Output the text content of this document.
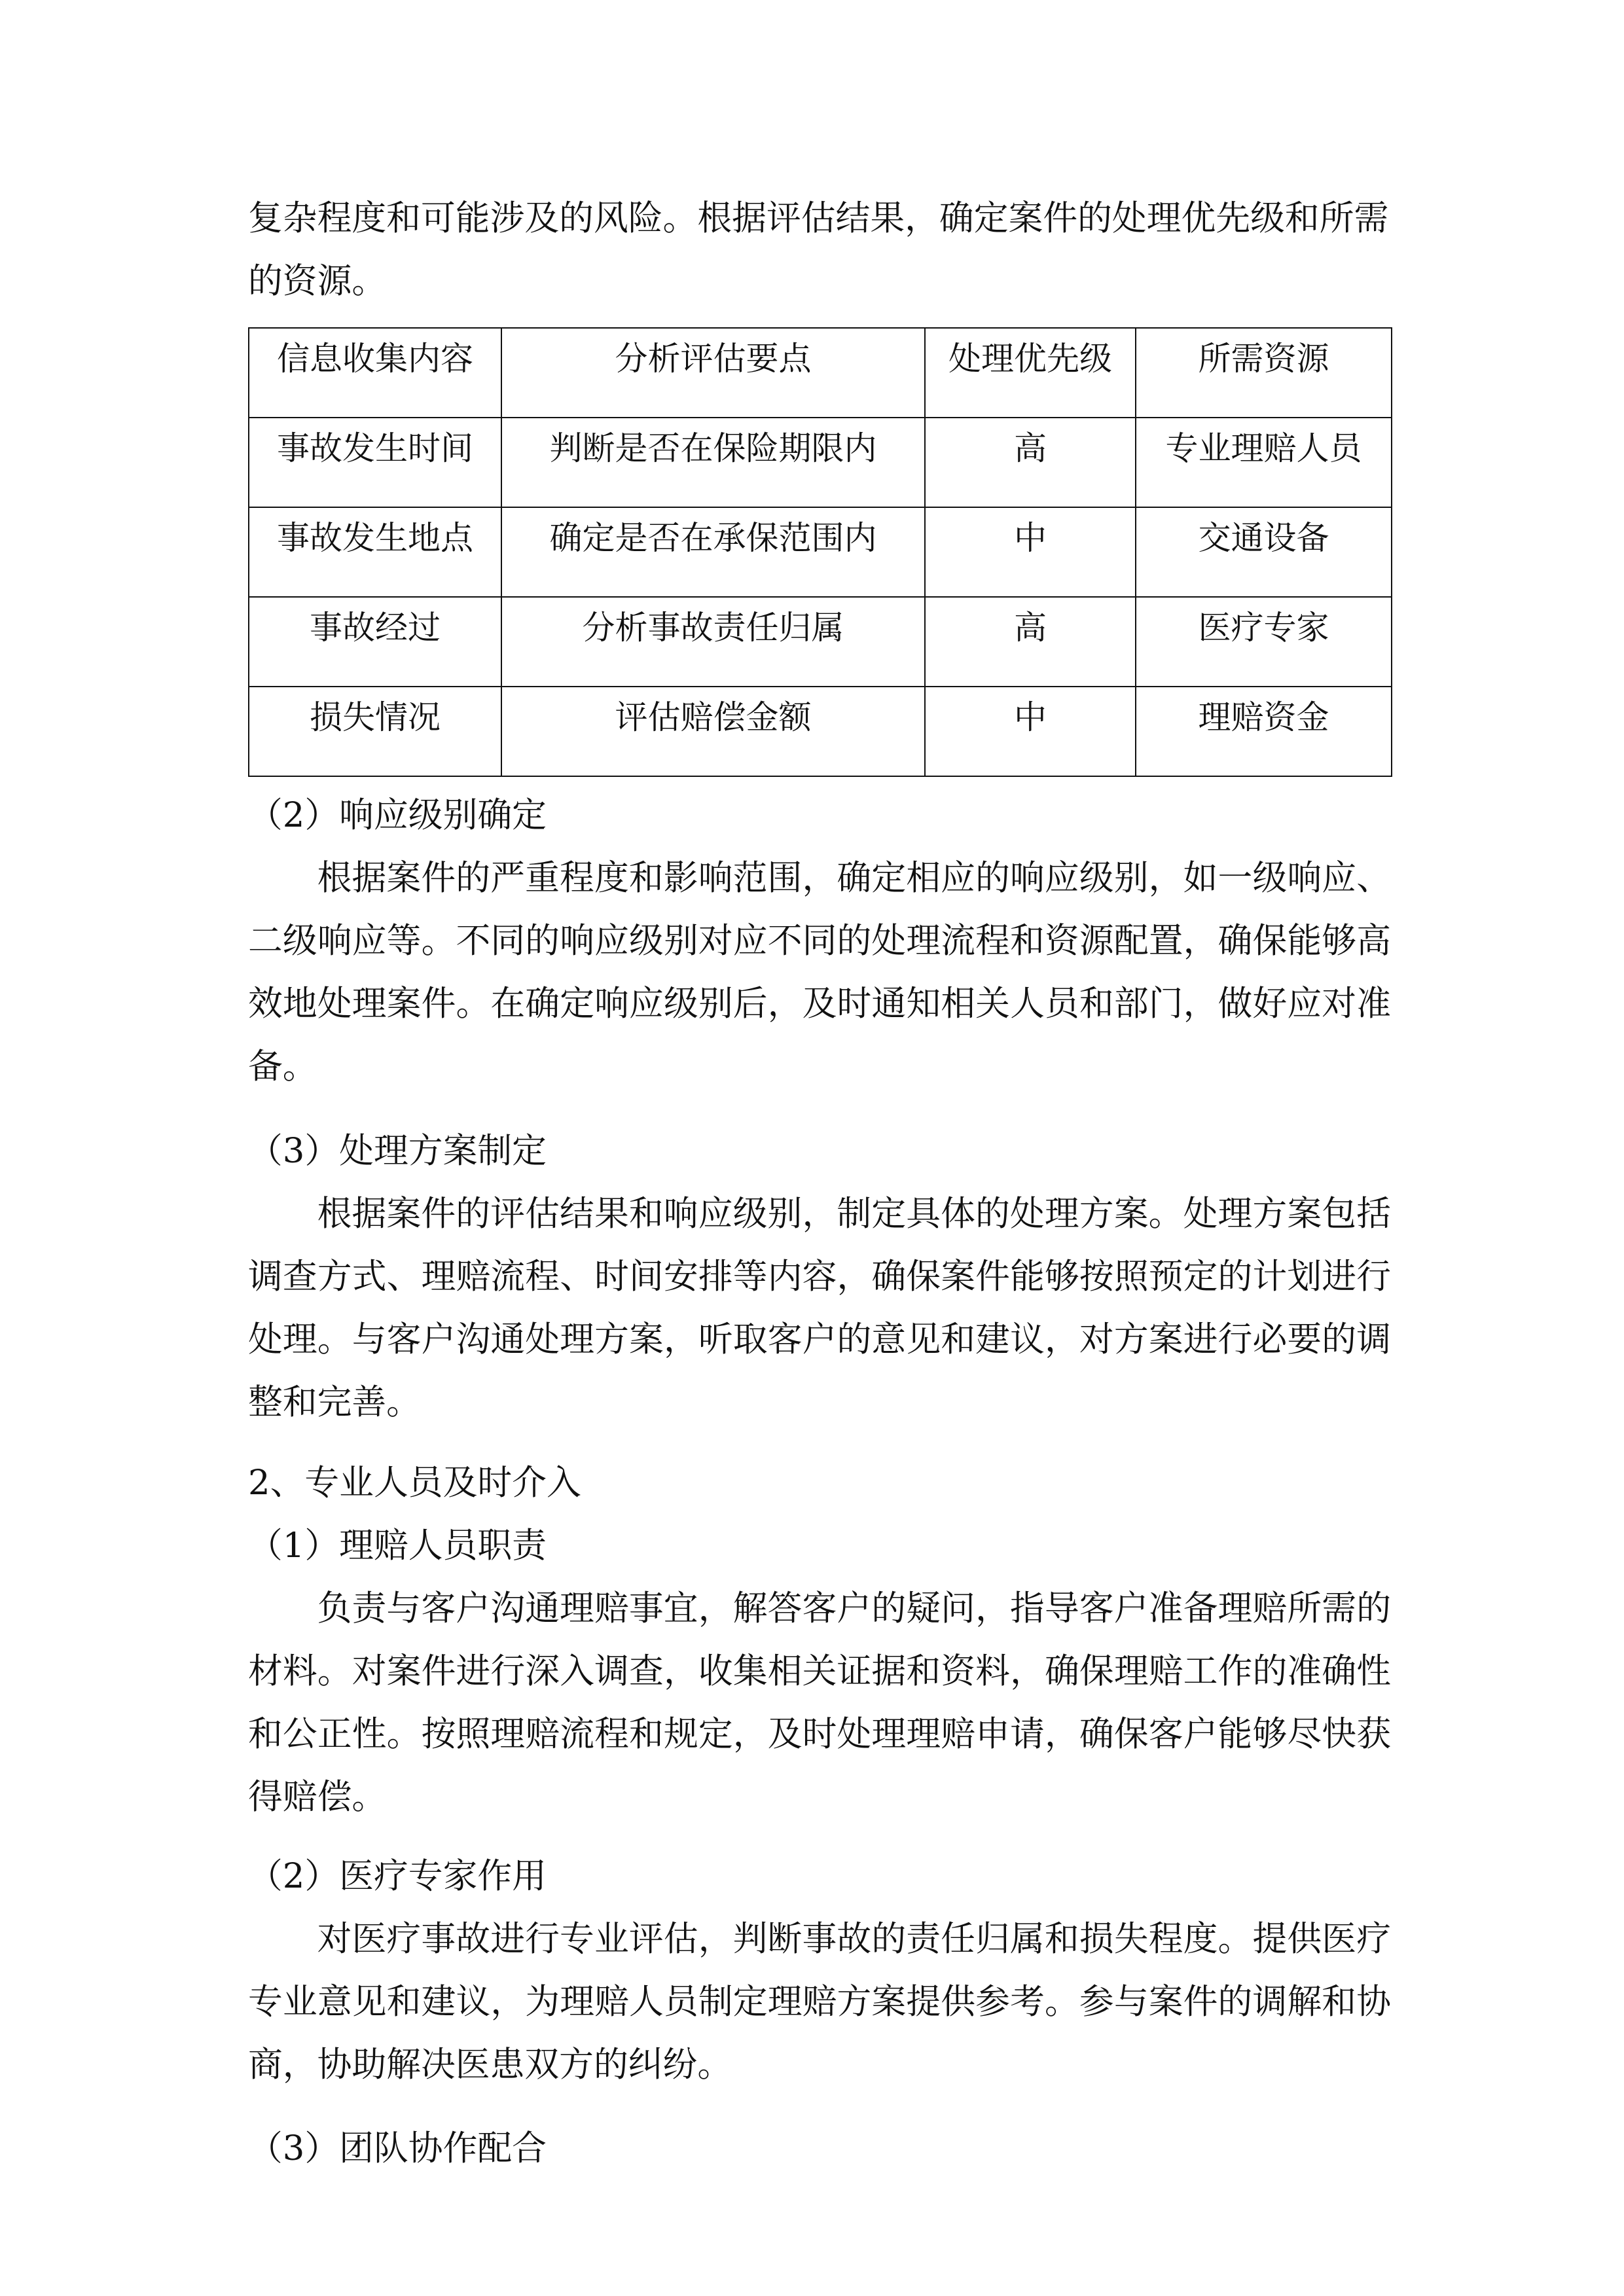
复杂程度和可能涉及的风险。根据评估结果，确定案件的处理优先级和所需的资源。

信息收集内容	分析评估要点	处理优先级	所需资源
事故发生时间	判断是否在保险期限内	高	专业理赔人员
事故发生地点	确定是否在承保范围内	中	交通设备
事故经过	分析事故责任归属	高	医疗专家
损失情况	评估赔偿金额	中	理赔资金

（2）响应级别确定

根据案件的严重程度和影响范围，确定相应的响应级别，如一级响应、二级响应等。不同的响应级别对应不同的处理流程和资源配置，确保能够高效地处理案件。在确定响应级别后，及时通知相关人员和部门，做好应对准备。

（3）处理方案制定

根据案件的评估结果和响应级别，制定具体的处理方案。处理方案包括调查方式、理赔流程、时间安排等内容，确保案件能够按照预定的计划进行处理。与客户沟通处理方案，听取客户的意见和建议，对方案进行必要的调整和完善。

2、专业人员及时介入

（1）理赔人员职责

负责与客户沟通理赔事宜，解答客户的疑问，指导客户准备理赔所需的材料。对案件进行深入调查，收集相关证据和资料，确保理赔工作的准确性和公正性。按照理赔流程和规定，及时处理理赔申请，确保客户能够尽快获得赔偿。

（2）医疗专家作用

对医疗事故进行专业评估，判断事故的责任归属和损失程度。提供医疗专业意见和建议，为理赔人员制定理赔方案提供参考。参与案件的调解和协商，协助解决医患双方的纠纷。

（3）团队协作配合
